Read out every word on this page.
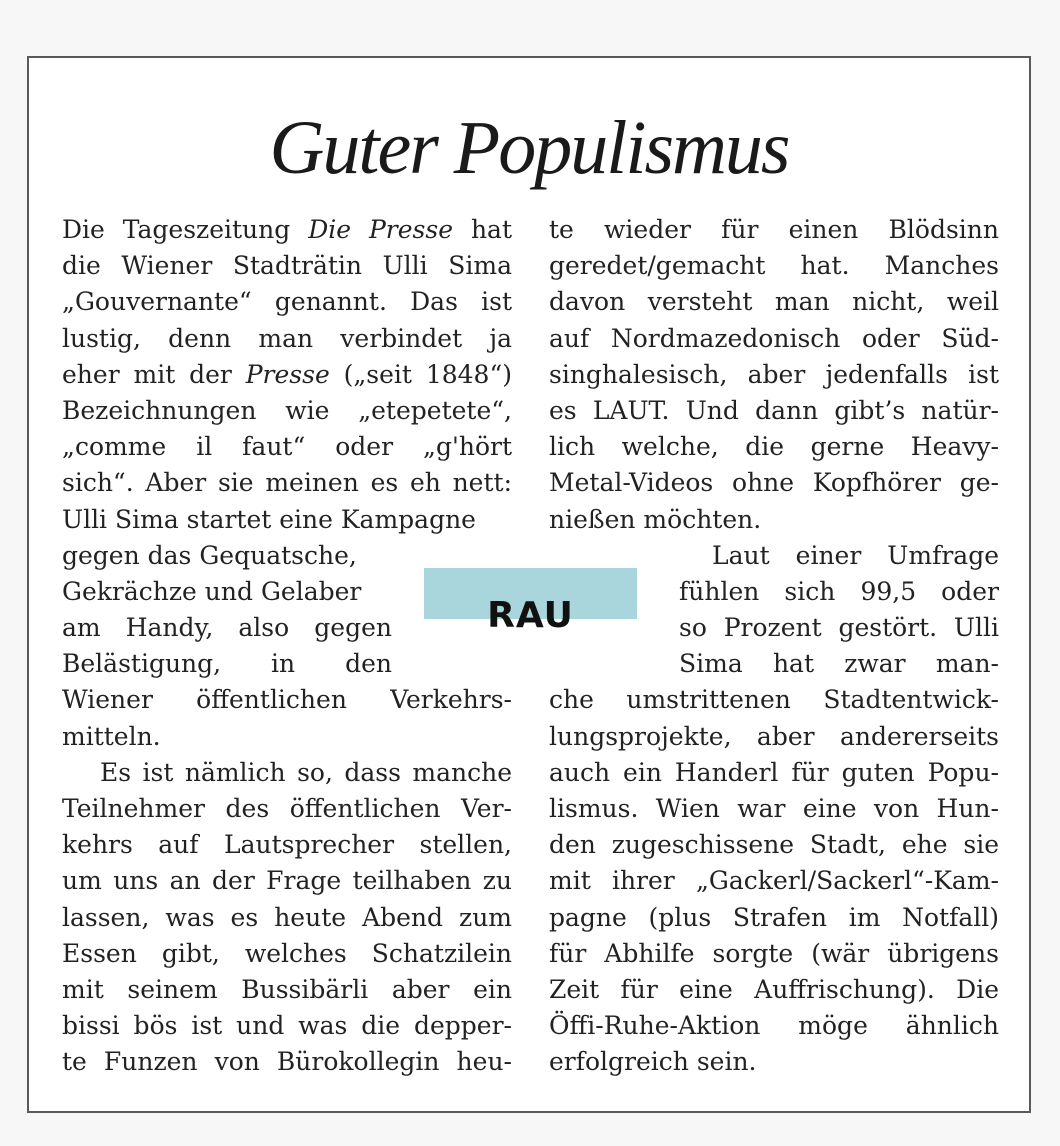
Guter Populismus
Die Tageszeitung Die Presse hat
die Wiener Stadträtin Ulli Sima
„Gouvernante“ genannt. Das ist
lustig, denn man verbindet ja
eher mit der Presse („seit 1848“)
Bezeichnungen wie „etepetete“,
„comme il faut“ oder „g'hört
sich“. Aber sie meinen es eh nett:
Ulli Sima startet eine Kampagne
gegen das Gequatsche,
Gekrächze und Gelaber
am Handy, also gegen
Belästigung, in den
Wiener öffentlichen Verkehrs-
mitteln.
Es ist nämlich so, dass manche
Teilnehmer des öffentlichen Ver-
kehrs auf Lautsprecher stellen,
um uns an der Frage teilhaben zu
lassen, was es heute Abend zum
Essen gibt, welches Schatzilein
mit seinem Bussibärli aber ein
bissi bös ist und was die depper-
te Funzen von Bürokollegin heu-
te wieder für einen Blödsinn
geredet/gemacht hat. Manches
davon versteht man nicht, weil
auf Nordmazedonisch oder Süd-
singhalesisch, aber jedenfalls ist
es LAUT. Und dann gibt’s natür-
lich welche, die gerne Heavy-
Metal-Videos ohne Kopfhörer ge-
nießen möchten.
Laut einer Umfrage
fühlen sich 99,5 oder
so Prozent gestört. Ulli
Sima hat zwar man-
che umstrittenen Stadtentwick-
lungsprojekte, aber andererseits
auch ein Handerl für guten Popu-
lismus. Wien war eine von Hun-
den zugeschissene Stadt, ehe sie
mit ihrer „Gackerl/Sackerl“-Kam-
pagne (plus Strafen im Notfall)
für Abhilfe sorgte (wär übrigens
Zeit für eine Auffrischung). Die
Öffi-Ruhe-Aktion möge ähnlich
erfolgreich sein.
RAU
